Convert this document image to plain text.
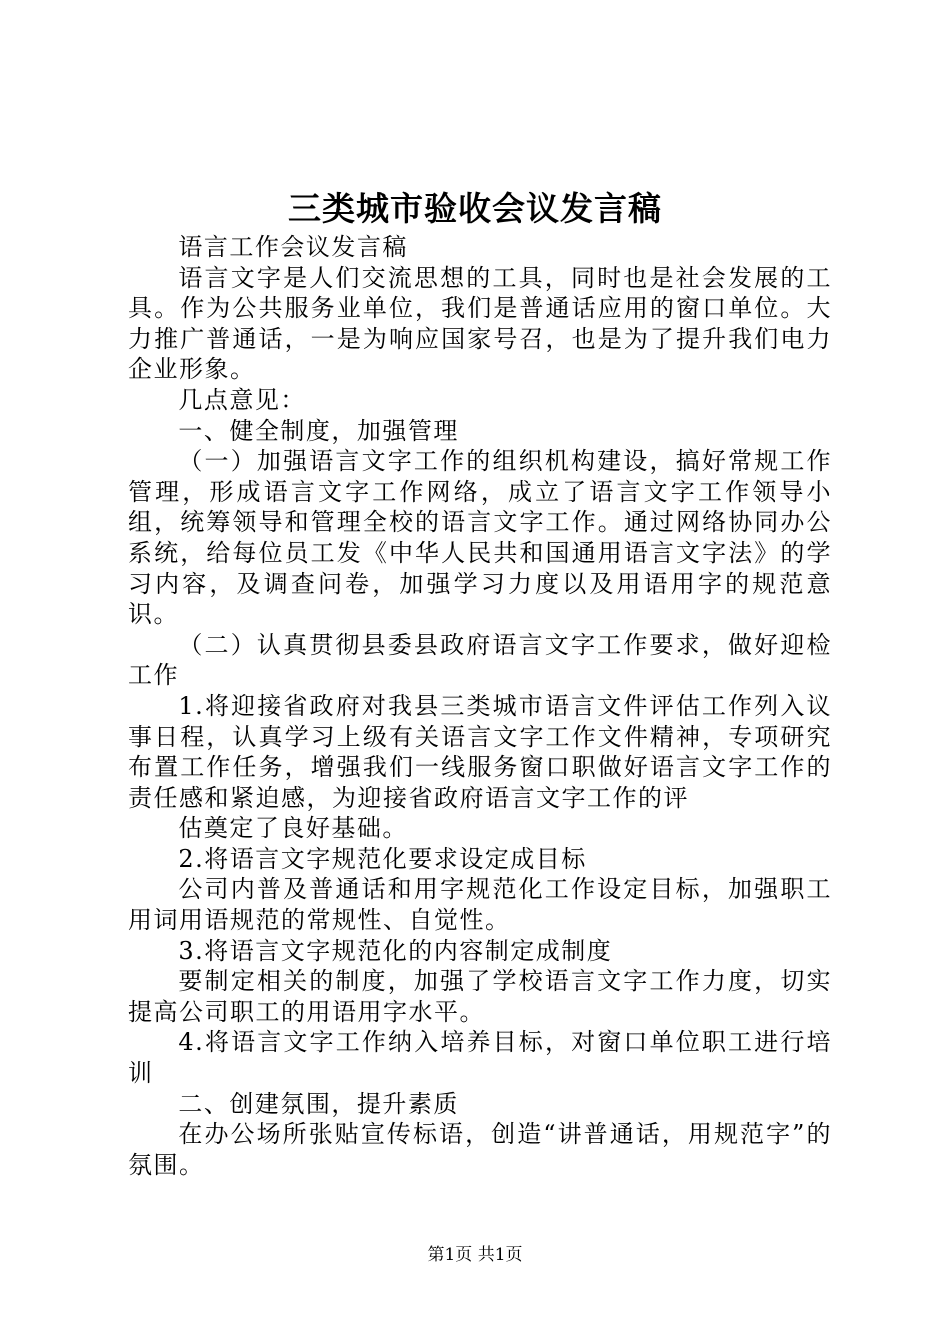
三类城市验收会议发言稿

语言工作会议发言稿

语言文字是人们交流思想的工具，同时也是社会发展的工具。作为公共服务业单位，我们是普通话应用的窗口单位。大力推广普通话，一是为响应国家号召，也是为了提升我们电力企业形象。

几点意见：

一、健全制度，加强管理

（一）加强语言文字工作的组织机构建设，搞好常规工作管理，形成语言文字工作网络，成立了语言文字工作领导小组，统筹领导和管理全校的语言文字工作。通过网络协同办公系统，给每位员工发《中华人民共和国通用语言文字法》的学习内容，及调查问卷，加强学习力度以及用语用字的规范意识。

（二）认真贯彻县委县政府语言文字工作要求，做好迎检工作

1.将迎接省政府对我县三类城市语言文件评估工作列入议事日程，认真学习上级有关语言文字工作文件精神，专项研究布置工作任务，增强我们一线服务窗口职做好语言文字工作的责任感和紧迫感，为迎接省政府语言文字工作的评

估奠定了良好基础。

2.将语言文字规范化要求设定成目标

公司内普及普通话和用字规范化工作设定目标，加强职工用词用语规范的常规性、自觉性。

3.将语言文字规范化的内容制定成制度

要制定相关的制度，加强了学校语言文字工作力度，切实提高公司职工的用语用字水平。

4.将语言文字工作纳入培养目标，对窗口单位职工进行培训

二、创建氛围，提升素质

在办公场所张贴宣传标语，创造“讲普通话，用规范字”的氛围。

第1页 共1页
